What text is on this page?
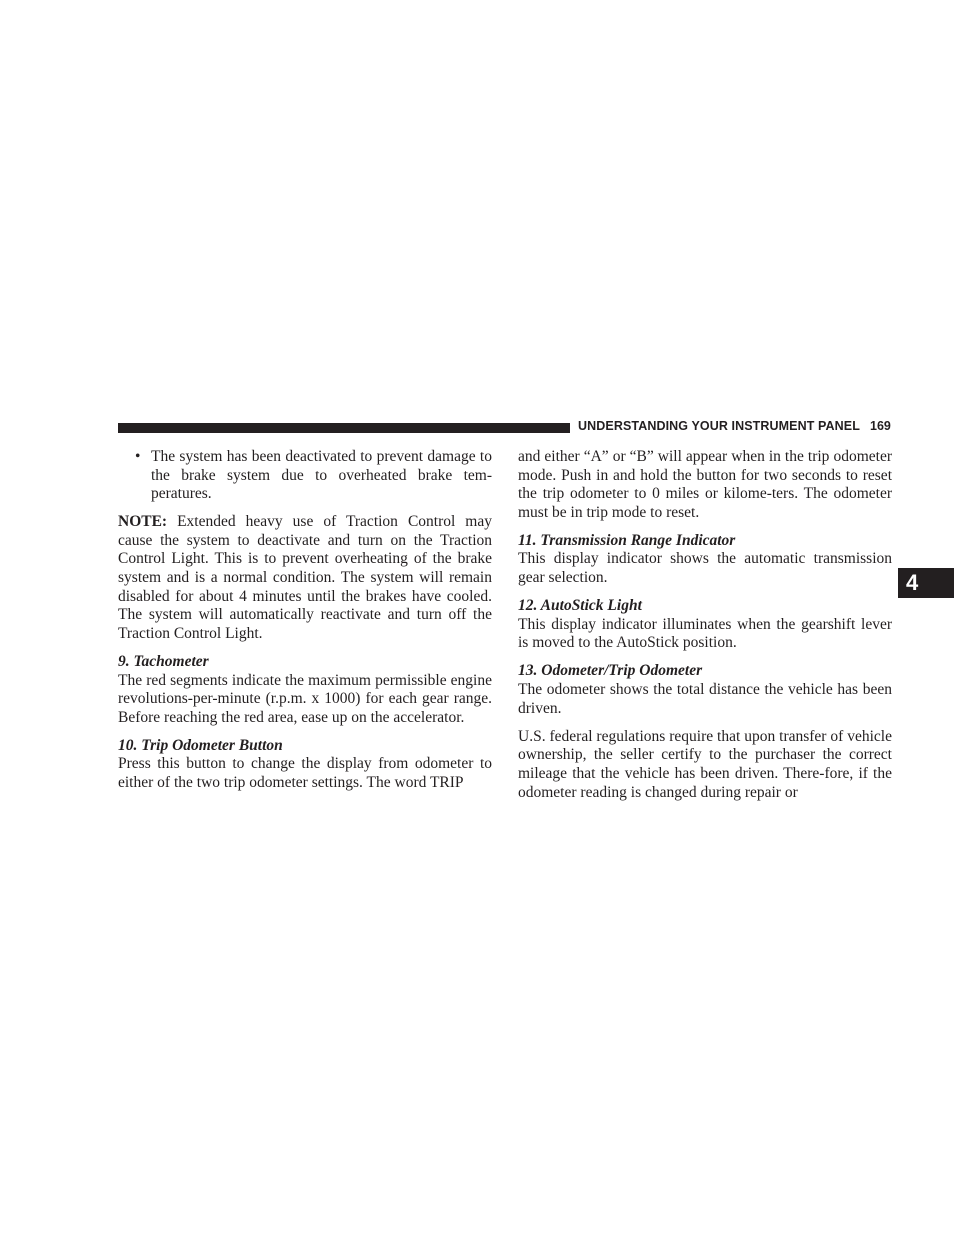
UNDERSTANDING YOUR INSTRUMENT PANEL 169
4

• The system has been deactivated to prevent damage to the brake system due to overheated brake tem-peratures.

NOTE: Extended heavy use of Traction Control may cause the system to deactivate and turn on the Traction Control Light. This is to prevent overheating of the brake system and is a normal condition. The system will remain disabled for about 4 minutes until the brakes have cooled. The system will automatically reactivate and turn off the Traction Control Light.

9. Tachometer

The red segments indicate the maximum permissible engine revolutions-per-minute (r.p.m. x 1000) for each gear range. Before reaching the red area, ease up on the accelerator.

10. Trip Odometer Button

Press this button to change the display from odometer to either of the two trip odometer settings. The word TRIP

and either “A” or “B” will appear when in the trip odometer mode. Push in and hold the button for two seconds to reset the trip odometer to 0 miles or kilome-ters. The odometer must be in trip mode to reset.

11. Transmission Range Indicator

This display indicator shows the automatic transmission gear selection.

12. AutoStick Light

This display indicator illuminates when the gearshift lever is moved to the AutoStick position.

13. Odometer/Trip Odometer

The odometer shows the total distance the vehicle has been driven.

U.S. federal regulations require that upon transfer of vehicle ownership, the seller certify to the purchaser the correct mileage that the vehicle has been driven. There-fore, if the odometer reading is changed during repair or
